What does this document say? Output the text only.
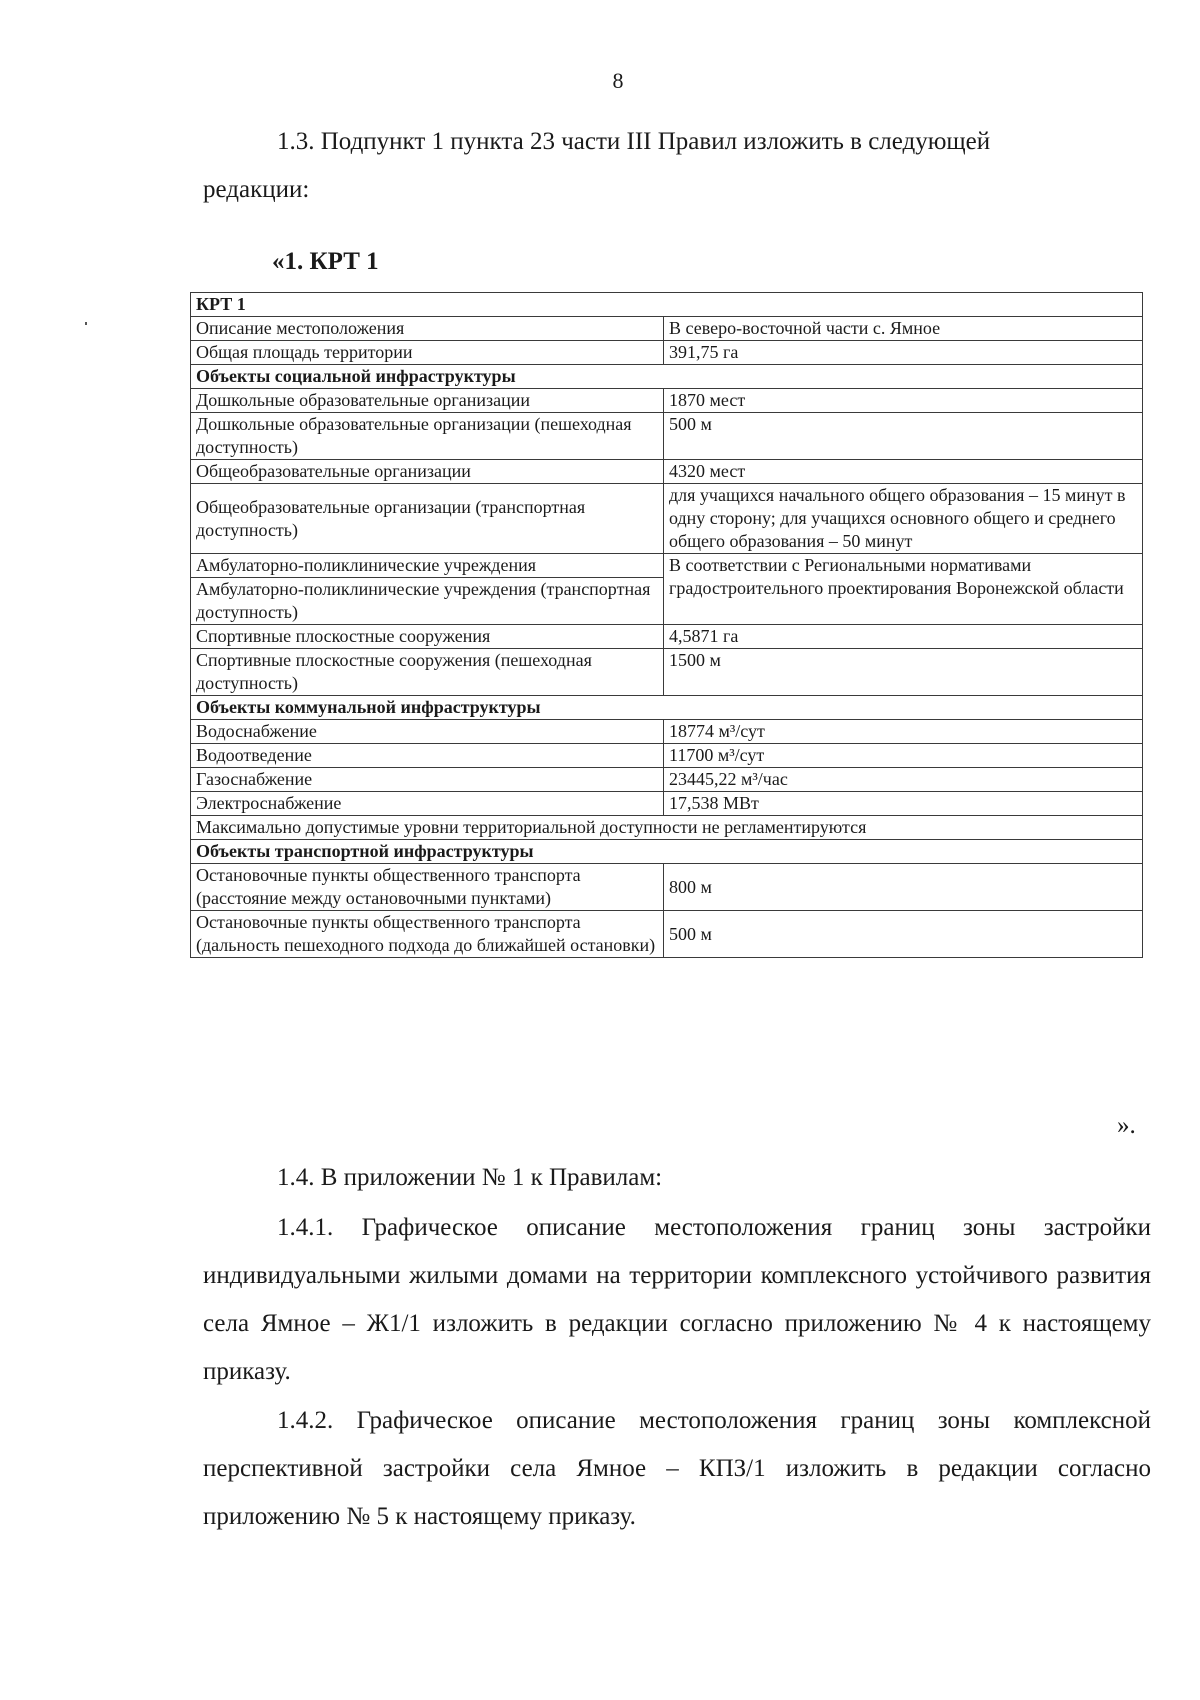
8

1.3. Подпункт 1 пункта 23 части III Правил изложить в следующей
редакции:

«1. КРТ 1

КРТ 1	
Описание местоположения	В северо-восточной части с. Ямное
Общая площадь территории	391,75 га
Объекты социальной инфраструктуры	
Дошкольные образовательные организации	1870 мест
Дошкольные образовательные организации (пешеходная доступность)	500 м
Общеобразовательные организации	4320 мест
Общеобразовательные организации (транспортная доступность)	для учащихся начального общего образования – 15 минут в одну сторону; для учащихся основного общего и среднего общего образования – 50 минут
Амбулаторно-поликлинические учреждения	В соответствии с Региональными нормативами градостроительного проектирования Воронежской области
Амбулаторно-поликлинические учреждения (транспортная доступность)	
Спортивные плоскостные сооружения	4,5871 га
Спортивные плоскостные сооружения (пешеходная доступность)	1500 м
Объекты коммунальной инфраструктуры	
Водоснабжение	18774 м³/сут
Водоотведение	11700 м³/сут
Газоснабжение	23445,22 м³/час
Электроснабжение	17,538 МВт
Максимально допустимые уровни территориальной доступности не регламентируются	
Объекты транспортной инфраструктуры	
Остановочные пункты общественного транспорта (расстояние между остановочными пунктами)	800 м
Остановочные пункты общественного транспорта (дальность пешеходного подхода до ближайшей остановки)	500 м
».

1.4. В приложении № 1 к Правилам:

1.4.1. Графическое описание местоположения границ зоны застройки индивидуальными жилыми домами на территории комплексного устойчивого развития села Ямное – Ж1/1 изложить в редакции согласно приложению № 4 к настоящему приказу.

1.4.2. Графическое описание местоположения границ зоны комплексной перспективной застройки села Ямное – КПЗ/1 изложить в редакции согласно приложению № 5 к настоящему приказу.
